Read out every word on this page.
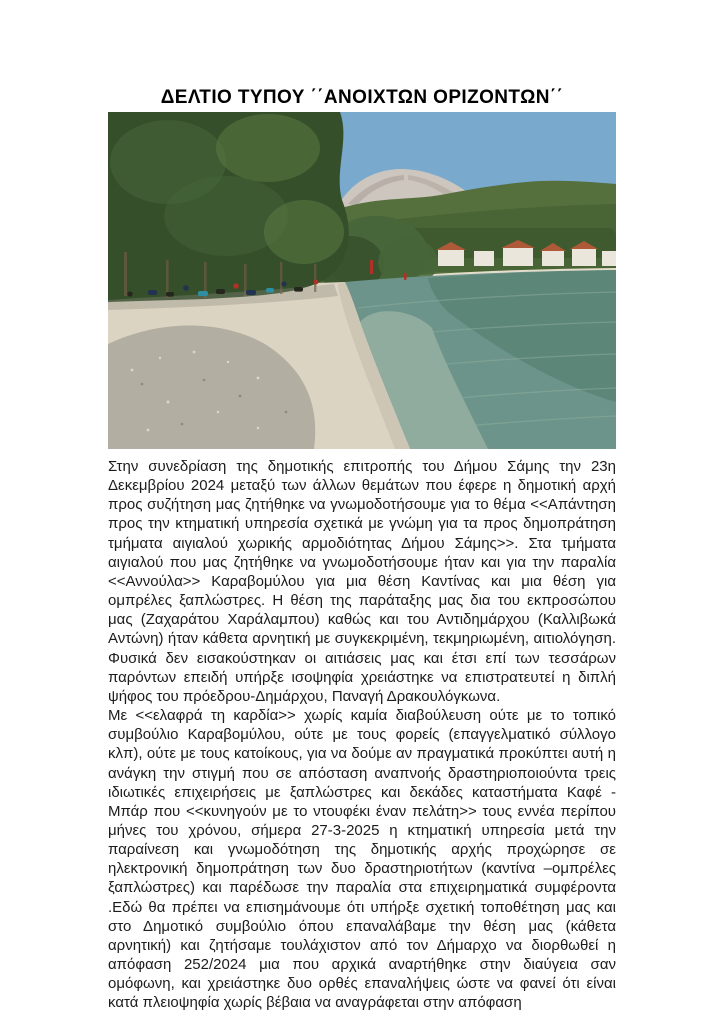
ΔΕΛΤΙΟ ΤΥΠΟΥ ΄΄ΑΝΟΙΧΤΩΝ ΟΡΙΖΟΝΤΩΝ΄΄

Στην συνεδρίαση της δημοτικής επιτροπής του Δήμου Σάμης την 23η Δεκεμβρίου 2024 μεταξύ των άλλων θεμάτων που έφερε η δημοτική αρχή προς συζήτηση μας ζητήθηκε να γνωμοδοτήσουμε για το θέμα <<Απάντηση προς την κτηματική υπηρεσία σχετικά με γνώμη για τα προς δημοπράτηση τμήματα αιγιαλού χωρικής αρμοδιότητας Δήμου Σάμης>>. Στα τμήματα αιγιαλού που μας ζητήθηκε να γνωμοδοτήσουμε ήταν και για την παραλία <<Αννούλα>> Καραβομύλου για μια θέση Καντίνας και μια θέση για ομπρέλες ξαπλώστρες. Η θέση της παράταξης μας δια του εκπροσώπου μας (Ζαχαράτου Χαράλαμπου) καθώς και του Αντιδημάρχου (Καλλιβωκά Αντώνη) ήταν κάθετα αρνητική με συγκεκριμένη, τεκμηριωμένη, αιτιολόγηση. Φυσικά δεν εισακούστηκαν οι αιτιάσεις μας και έτσι επί των τεσσάρων παρόντων επειδή υπήρξε ισοψηφία χρειάστηκε να επιστρατευτεί η διπλή ψήφος του πρόεδρου-Δημάρχου, Παναγή Δρακουλόγκωνα.

Με <<ελαφρά τη καρδία>> χωρίς καμία διαβούλευση ούτε με το τοπικό συμβούλιο Καραβομύλου, ούτε με τους φορείς (επαγγελματικό σύλλογο κλπ), ούτε με τους κατοίκους, για να δούμε αν πραγματικά προκύπτει αυτή η ανάγκη την στιγμή που σε απόσταση αναπνοής δραστηριοποιούντα τρεις ιδιωτικές επιχειρήσεις με ξαπλώστρες και δεκάδες καταστήματα Καφέ - Μπάρ που <<κυνηγούν με το ντουφέκι έναν πελάτη>> τους εννέα περίπου μήνες του χρόνου, σήμερα 27-3-2025 η κτηματική υπηρεσία μετά την παραίνεση και γνωμοδότηση της δημοτικής αρχής προχώρησε σε ηλεκτρονική δημοπράτηση των δυο δραστηριοτήτων (καντίνα –ομπρέλες ξαπλώστρες) και παρέδωσε την παραλία στα επιχειρηματικά συμφέροντα .Εδώ θα πρέπει να επισημάνουμε ότι υπήρξε σχετική τοποθέτηση μας και στο Δημοτικό συμβούλιο όπου επαναλάβαμε την θέση μας (κάθετα αρνητική) και ζητήσαμε τουλάχιστον από τον Δήμαρχο να διορθωθεί η απόφαση 252/2024 μια που αρχικά αναρτήθηκε στην διαύγεια σαν ομόφωνη, και χρειάστηκε δυο ορθές επαναλήψεις ώστε να φανεί ότι είναι κατά πλειοψηφία χωρίς βέβαια να αναγράφεται στην απόφαση
